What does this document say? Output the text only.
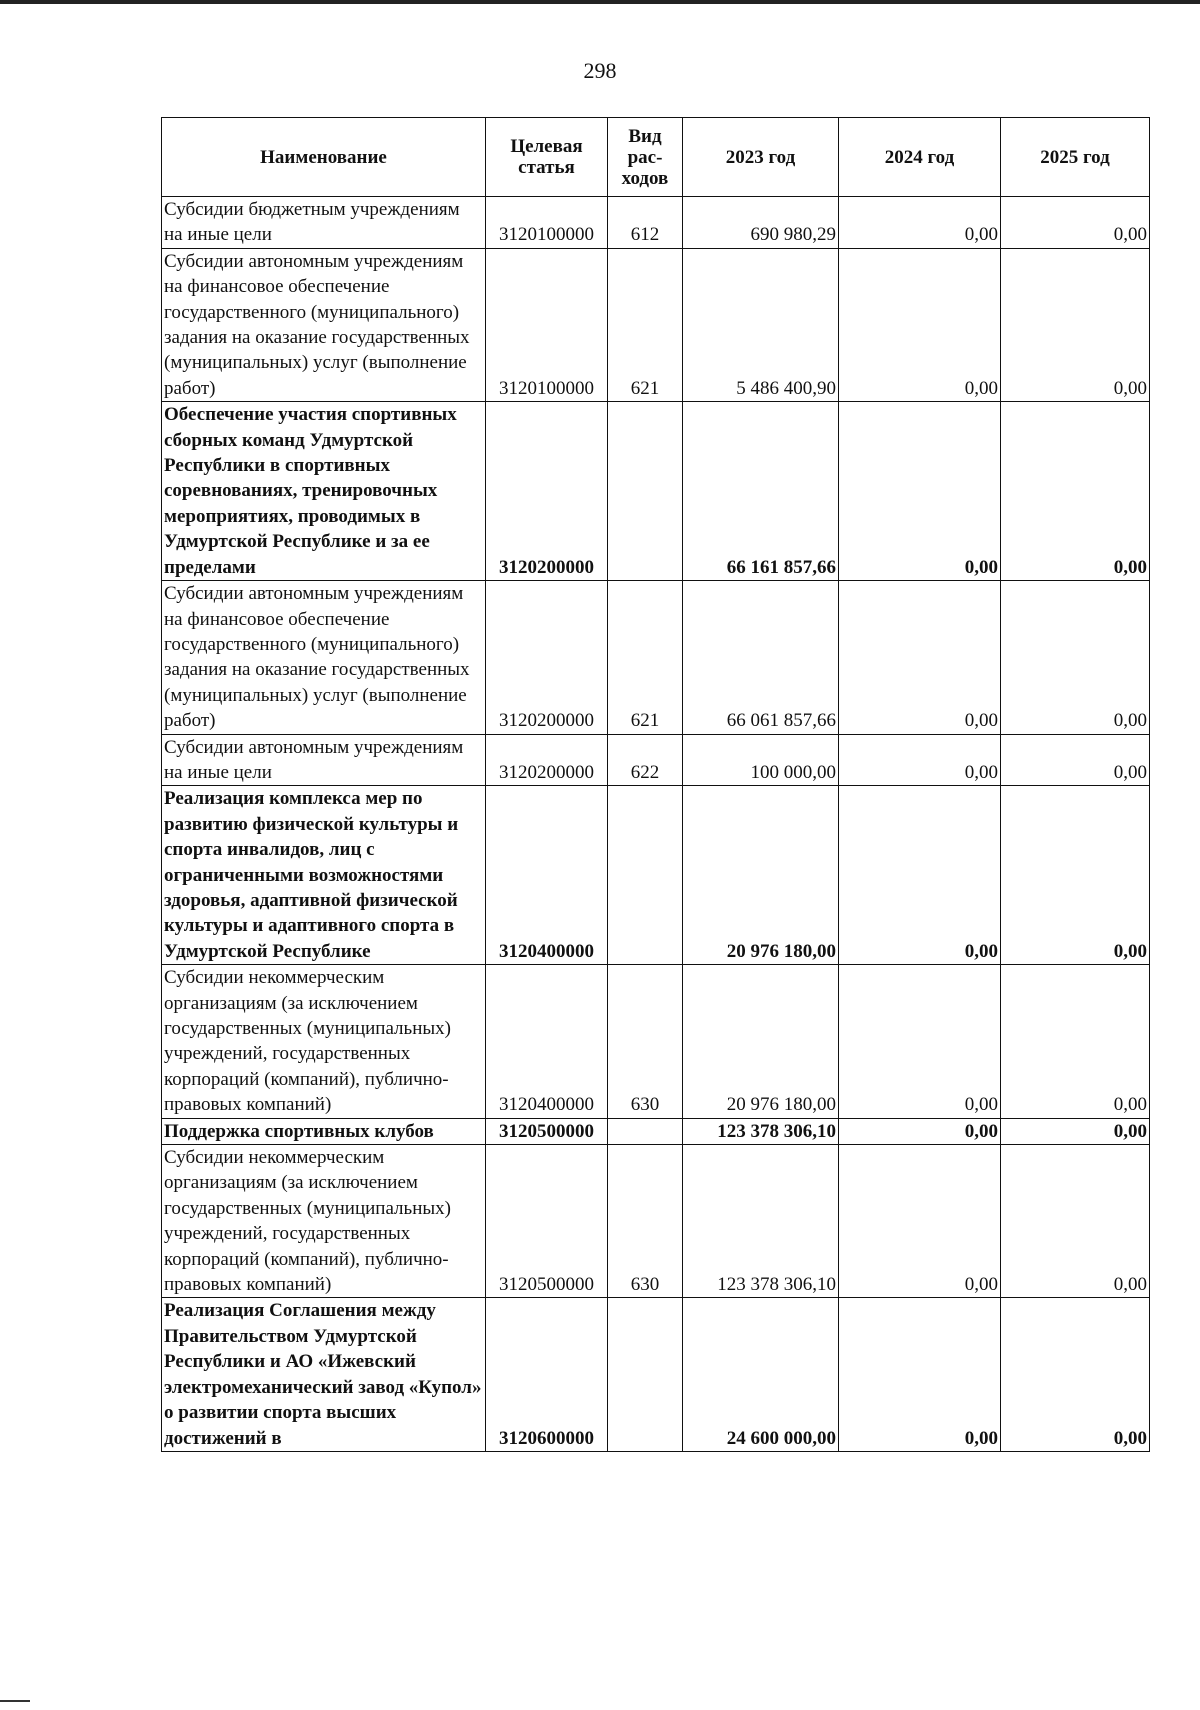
298
Наименование	Целевая статья	Вид рас-ходов	2023 год	2024 год	2025 год
Субсидии бюджетным учреждениям на иные цели	3120100000	612	690 980,29	0,00	0,00
Субсидии автономным учреждениям на финансовое обеспечение государственного (муниципального) задания на оказание государственных (муниципальных) услуг (выполнение работ)	3120100000	621	5 486 400,90	0,00	0,00
Обеспечение участия спортивных сборных команд Удмуртской Республики в спортивных соревнованиях, тренировочных мероприятиях, проводимых в Удмуртской Республике и за ее пределами	3120200000		66 161 857,66	0,00	0,00
Субсидии автономным учреждениям на финансовое обеспечение государственного (муниципального) задания на оказание государственных (муниципальных) услуг (выполнение работ)	3120200000	621	66 061 857,66	0,00	0,00
Субсидии автономным учреждениям на иные цели	3120200000	622	100 000,00	0,00	0,00
Реализация комплекса мер по развитию физической культуры и спорта инвалидов, лиц с ограниченными возможностями здоровья, адаптивной физической культуры и адаптивного спорта в Удмуртской Республике	3120400000		20 976 180,00	0,00	0,00
Субсидии некоммерческим организациям (за исключением государственных (муниципальных) учреждений, государственных корпораций (компаний), публично-правовых компаний)	3120400000	630	20 976 180,00	0,00	0,00
Поддержка спортивных клубов	3120500000		123 378 306,10	0,00	0,00
Субсидии некоммерческим организациям (за исключением государственных (муниципальных) учреждений, государственных корпораций (компаний), публично-правовых компаний)	3120500000	630	123 378 306,10	0,00	0,00
Реализация Соглашения между Правительством Удмуртской Республики и АО «Ижевский электромеханический завод «Купол» о развитии спорта высших достижений в	3120600000		24 600 000,00	0,00	0,00
